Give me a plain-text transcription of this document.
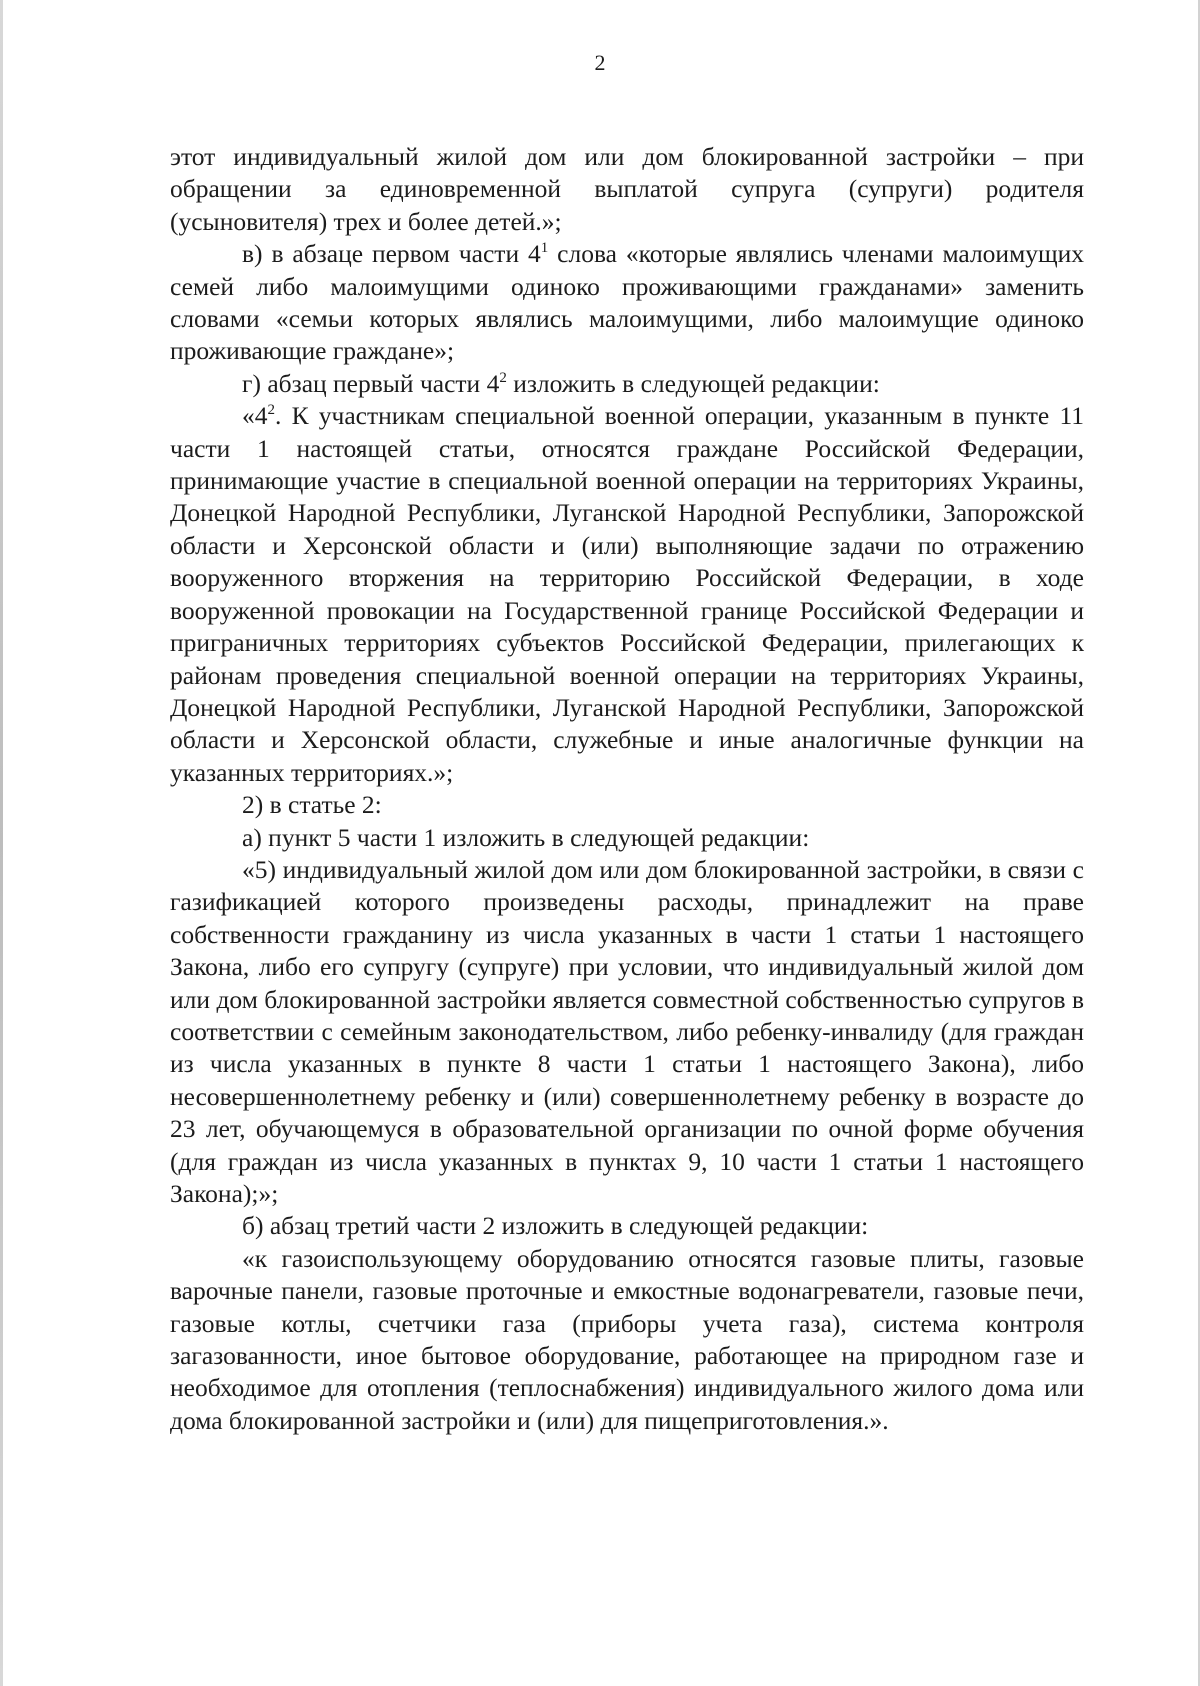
2

этот индивидуальный жилой дом или дом блокированной застройки – при обращении за единовременной выплатой супруга (супруги) родителя (усыновителя) трех и более детей.»;

в) в абзаце первом части $4^1$ слова «которые являлись членами малоимущих семей либо малоимущими одиноко проживающими гражданами» заменить словами «семьи которых являлись малоимущими, либо малоимущие одиноко проживающие граждане»;

г) абзац первый части $4^2$ изложить в следующей редакции:

«$4^2$. К участникам специальной военной операции, указанным в пункте 11 части 1 настоящей статьи, относятся граждане Российской Федерации, принимающие участие в специальной военной операции на территориях Украины, Донецкой Народной Республики, Луганской Народной Республики, Запорожской области и Херсонской области и (или) выполняющие задачи по отражению вооруженного вторжения на территорию Российской Федерации, в ходе вооруженной провокации на Государственной границе Российской Федерации и приграничных территориях субъектов Российской Федерации, прилегающих к районам проведения специальной военной операции на территориях Украины, Донецкой Народной Республики, Луганской Народной Республики, Запорожской области и Херсонской области, служебные и иные аналогичные функции на указанных территориях.»;

2) в статье 2:

а) пункт 5 части 1 изложить в следующей редакции:

«5) индивидуальный жилой дом или дом блокированной застройки, в связи с газификацией которого произведены расходы, принадлежит на праве собственности гражданину из числа указанных в части 1 статьи 1 настоящего Закона, либо его супругу (супруге) при условии, что индивидуальный жилой дом или дом блокированной застройки является совместной собственностью супругов в соответствии с семейным законодательством, либо ребенку-инвалиду (для граждан из числа указанных в пункте 8 части 1 статьи 1 настоящего Закона), либо несовершеннолетнему ребенку и (или) совершеннолетнему ребенку в возрасте до 23 лет, обучающемуся в образовательной организации по очной форме обучения (для граждан из числа указанных в пунктах 9, 10 части 1 статьи 1 настоящего Закона);»;

б) абзац третий части 2 изложить в следующей редакции:

«к газоиспользующему оборудованию относятся газовые плиты, газовые варочные панели, газовые проточные и емкостные водонагреватели, газовые печи, газовые котлы, счетчики газа (приборы учета газа), система контроля загазованности, иное бытовое оборудование, работающее на природном газе и необходимое для отопления (теплоснабжения) индивидуального жилого дома или дома блокированной застройки и (или) для пищеприготовления.».
